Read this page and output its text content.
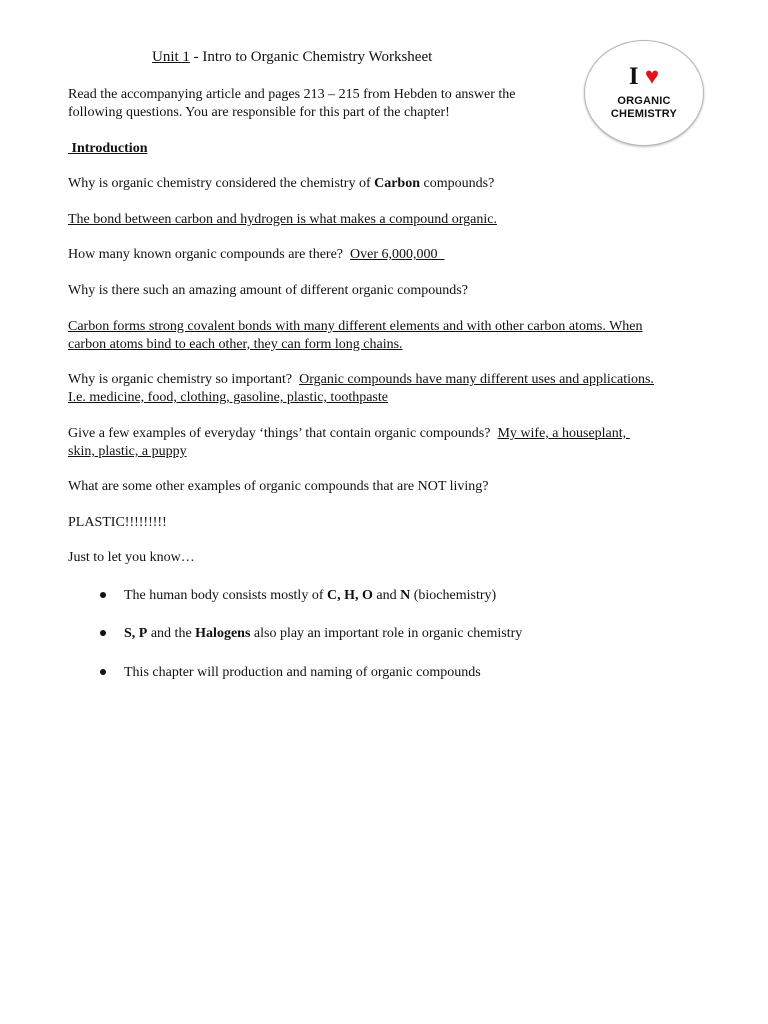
Unit 1 - Intro to Organic Chemistry Worksheet
I ♥
ORGANIC
CHEMISTRY
Read the accompanying article and pages 213 – 215 from Hebden to answer the
following questions. You are responsible for this part of the chapter!
Introduction
Why is organic chemistry considered the chemistry of Carbon compounds?
The bond between carbon and hydrogen is what makes a compound organic.
How many known organic compounds are there?  Over 6,000,000
Why is there such an amazing amount of different organic compounds?
Carbon forms strong covalent bonds with many different elements and with other carbon atoms. When
carbon atoms bind to each other, they can form long chains.
Why is organic chemistry so important?  Organic compounds have many different uses and applications.
I.e. medicine, food, clothing, gasoline, plastic, toothpaste
Give a few examples of everyday ‘things’ that contain organic compounds?  My wife, a houseplant,
skin, plastic, a puppy
What are some other examples of organic compounds that are NOT living?
PLASTIC!!!!!!!!!
Just to let you know…
The human body consists mostly of C, H, O and N (biochemistry)
S, P and the Halogens also play an important role in organic chemistry
This chapter will production and naming of organic compounds
